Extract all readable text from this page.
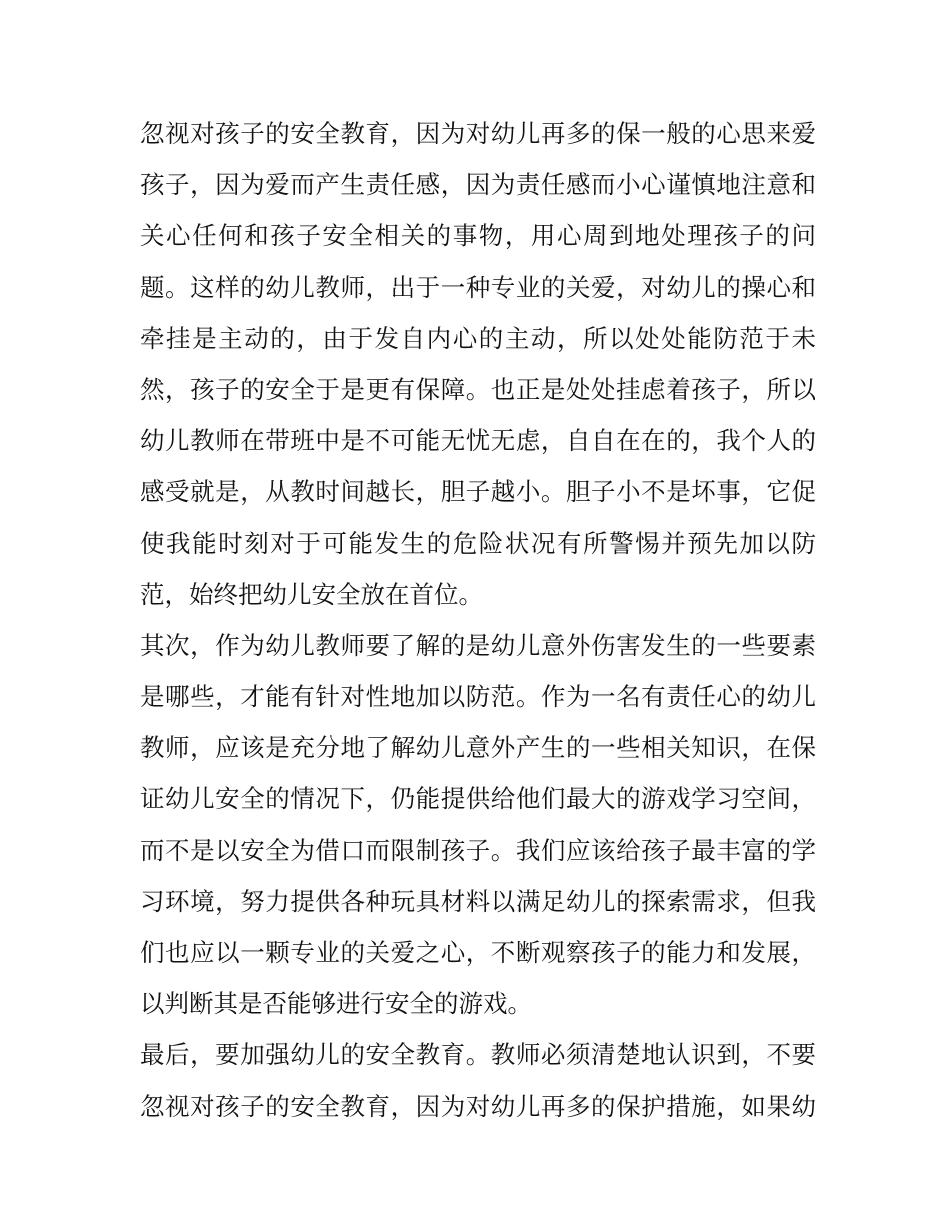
忽视对孩子的安全教育，因为对幼儿再多的保一般的心思来爱
孩子，因为爱而产生责任感，因为责任感而小心谨慎地注意和
关心任何和孩子安全相关的事物，用心周到地处理孩子的问
题。这样的幼儿教师，出于一种专业的关爱，对幼儿的操心和
牵挂是主动的，由于发自内心的主动，所以处处能防范于未
然，孩子的安全于是更有保障。也正是处处挂虑着孩子，所以
幼儿教师在带班中是不可能无忧无虑，自自在在的，我个人的
感受就是，从教时间越长，胆子越小。胆子小不是坏事，它促
使我能时刻对于可能发生的危险状况有所警惕并预先加以防
范，始终把幼儿安全放在首位。
其次，作为幼儿教师要了解的是幼儿意外伤害发生的一些要素
是哪些，才能有针对性地加以防范。作为一名有责任心的幼儿
教师，应该是充分地了解幼儿意外产生的一些相关知识，在保
证幼儿安全的情况下，仍能提供给他们最大的游戏学习空间，
而不是以安全为借口而限制孩子。我们应该给孩子最丰富的学
习环境，努力提供各种玩具材料以满足幼儿的探索需求，但我
们也应以一颗专业的关爱之心，不断观察孩子的能力和发展，
以判断其是否能够进行安全的游戏。
最后，要加强幼儿的安全教育。教师必须清楚地认识到，不要
忽视对孩子的安全教育，因为对幼儿再多的保护措施，如果幼
